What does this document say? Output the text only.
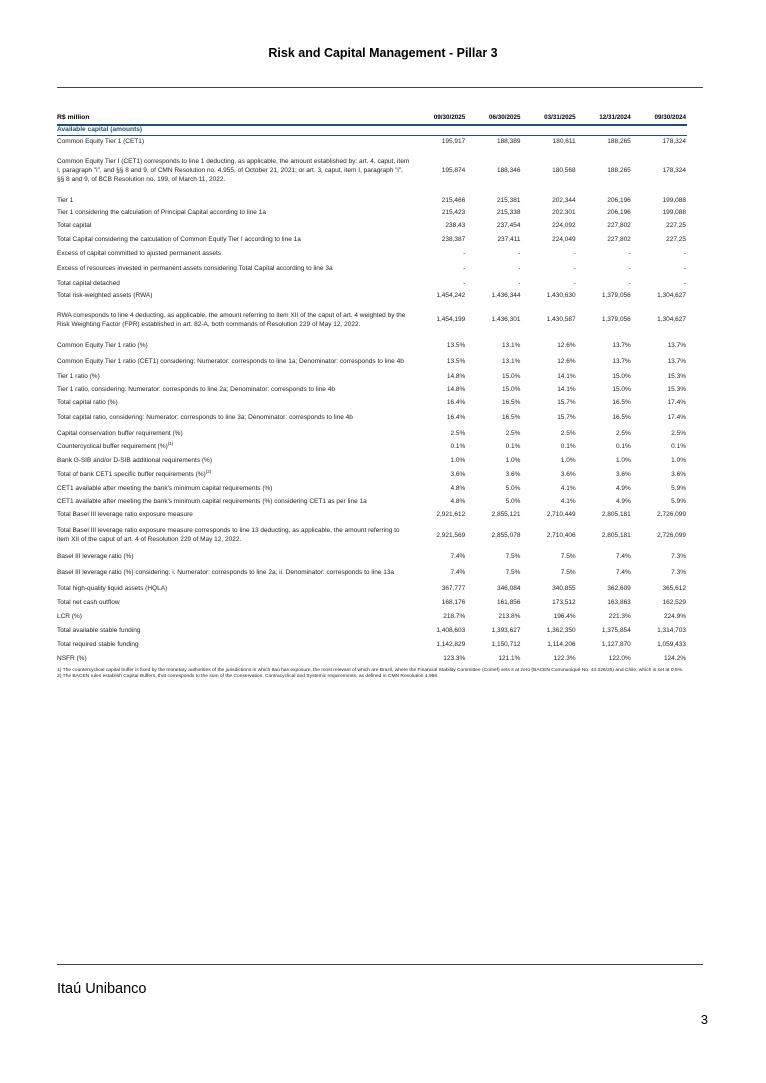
Risk and Capital Management - Pillar 3
R$ million	09/30/2025	06/30/2025	03/31/2025	12/31/2024	09/30/2024
Available capital (amounts)					
Common Equity Tier 1 (CET1)	195,917	188,389	180,611	188,265	178,324
Common Equity Tier I (CET1) corresponds to line 1 deducting, as applicable, the amount established by: art. 4, caput, item I, paragraph "i", and §§ 8 and 9, of CMN Resolution no. 4.955, of October 21, 2021; or art. 3, caput, item I, paragraph "i", §§ 8 and 9, of BCB Resolution no. 199, of March 11, 2022.	195,874	188,346	180,568	188,265	178,324
Tier 1	215,466	215,381	202,344	206,196	199,088
Tier 1 considering the calculation of Principal Capital according to line 1a	215,423	215,338	202,301	206,196	199,088
Total capital	238,43	237,454	224,092	227,802	227,25
Total Capital considering the calculation of Common Equity Tier I according to line 1a	238,387	237,411	224,049	227,802	227,25
Excess of capital committed to ajusted permanent assets	-	-	-	-	-
Excess of resources invested in permanent assets considering Total Capital according to line 3a	-	-	-	-	-
Total capital detached	-	-	-	-	-
Total risk-weighted assets (RWA)	1,454,242	1,436,344	1,430,630	1,379,056	1,304,627
RWA corresponds to line 4 deducting, as applicable, the amount referring to item XII of the caput of art. 4 weighted by the Risk Weighting Factor (FPR) established in art. 82-A, both commands of Resolution 229 of May 12, 2022.	1,454,199	1,436,301	1,430,587	1,379,056	1,304,627
Common Equity Tier 1 ratio (%)	13.5%	13.1%	12.6%	13.7%	13.7%
Common Equity Tier 1 ratio (CET1) considering: Numerator: corresponds to line 1a; Denominator: corresponds to line 4b	13.5%	13.1%	12.6%	13.7%	13.7%
Tier 1 ratio (%)	14.8%	15.0%	14.1%	15.0%	15.3%
Tier 1 ratio, considering: Numerator: corresponds to line 2a; Denominator: corresponds to line 4b	14.8%	15.0%	14.1%	15.0%	15.3%
Total capital ratio (%)	16.4%	16.5%	15.7%	16.5%	17.4%
Total capital ratio, considering: Numerator: corresponds to line 3a; Denominator: corresponds to line 4b	16.4%	16.5%	15.7%	16.5%	17.4%
Capital conservation buffer requirement (%)	2.5%	2.5%	2.5%	2.5%	2.5%
Countercyclical buffer requirement (%)$^{(1)}$	0.1%	0.1%	0.1%	0.1%	0.1%
Bank G-SIB and/or D-SIB additional requirements (%)	1.0%	1.0%	1.0%	1.0%	1.0%
Total of bank CET1 specific buffer requirements (%)$^{(2)}$	3.6%	3.6%	3.6%	3.6%	3.6%
CET1 available after meeting the bank's minimum capital requirements (%)	4.8%	5.0%	4.1%	4.9%	5.9%
CET1 available after meeting the bank's minimum capital requirements (%) considering CET1 as per line 1a	4.8%	5.0%	4.1%	4.9%	5.9%
Total Basel III leverage ratio exposure measure	2,921,612	2,855,121	2,710,449	2,805,181	2,726,099
Total Basel III leverage ratio exposure measure corresponds to line 13 deducting, as applicable, the amount referring to item XII of the caput of art. 4 of Resolution 229 of May 12, 2022.	2,921,569	2,855,078	2,710,406	2,805,181	2,726,099
Basel III leverage ratio (%)	7.4%	7.5%	7.5%	7.4%	7.3%
Basel III leverage ratio (%) considering: i. Numerator: corresponds to line 2a; ii. Denominator: corresponds to line 13a	7.4%	7.5%	7.5%	7.4%	7.3%
Total high-quality liquid assets (HQLA)	367,777	346,084	340,855	362,609	365,612
Total net cash outflow	168,176	161,856	173,512	163,863	162,529
LCR (%)	218.7%	213.8%	196.4%	221.3%	224.9%
Total available stable funding	1,408,603	1,393,627	1,362,350	1,375,854	1,314,703
Total required stable funding	1,142,829	1,150,712	1,114,206	1,127,870	1,059,433
NSFR (%)	123.3%	121.1%	122.3%	122.0%	124.2%

1) The countercyclical capital buffer is fixed by the monetary authorities of the jurisdictions in which Itaú has exposure, the most relevant of which are Brazil, where the Financial Stability Committee (Comef) sets it at zero (BACEN Communiqué No. 43.226/25) and Chile, which is set at 0.5%.

2) The BACEN rules establish Capital Buffers, that corresponds to the sum of the Conservation, Contracyclical and Systemic requirements, as defined in CMN Resolution 4,958.

Itaú Unibanco
3
